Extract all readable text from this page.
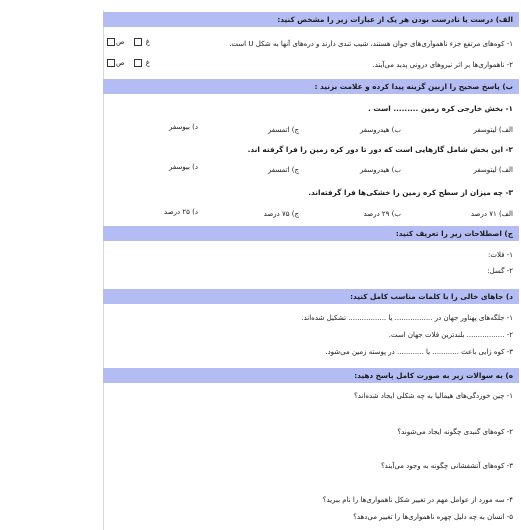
الف) درست یا نادرست بودن هر یک از عبارات زیر را مشخص کنید:
۱- کوه‌های مرتفع جزء ناهمواری‌های جوان هستند، شیب تندی دارند و دره‌های آنها به شکل U است.
غ ص
۲- ناهمواری‌ها بر اثر نیروهای درونی پدید می‌آیند.
غ ص
ب) پاسخ صحیح را ازبین گزینه پیدا کرده و علامت بزنید :
۱- بخش خارجی کره زمین ......... است .
الف) لیتوسفر
ب) هیدروسفر
ج) اتمسفر
د) بیوسفر
۲- این بخش شامل گازهایی است که دور تا دور کره زمین را فرا گرفته اند.
الف) لیتوسفر
ب) هیدروسفر
ج) اتمسفر
د) بیوسفر
۳- چه میزان از سطح کره زمین را خشکی‌ها فرا گرفته‌اند.
الف) ۷۱ درصد
ب) ۲۹ درصد
ج) ۷۵ درصد
د) ۲۵ درصد
ج) اصطلاحات زیر را تعریف کنید:
۱- فلات:
۲- گسل:
د) جاهای خالی را با کلمات مناسب کامل کنید:
۱- جلگه‌های پهناور جهان در ................. یا ................. تشکیل شده‌اند.
۲- ................. بلندترین فلات جهان است.
۳- کوه زایی باعث ............ یا ............ در پوسته زمین می‌شود.
ه) به سوالات زیر به صورت کامل پاسخ دهید:
۱- چین خوردگی‌های هیمالیا به چه شکلی ایجاد شده‌اند؟
۲- کوه‌های گنبدی چگونه ایجاد می‌شوند؟
۳- کوه‌های آتشفشانی چگونه به وجود می‌آیند؟
۴- سه مورد از عوامل مهم در تغییر شکل ناهمواری‌ها را نام ببرید؟
۵- انسان به چه دلیل چهره ناهمواری‌ها را تغییر می‌دهد؟
